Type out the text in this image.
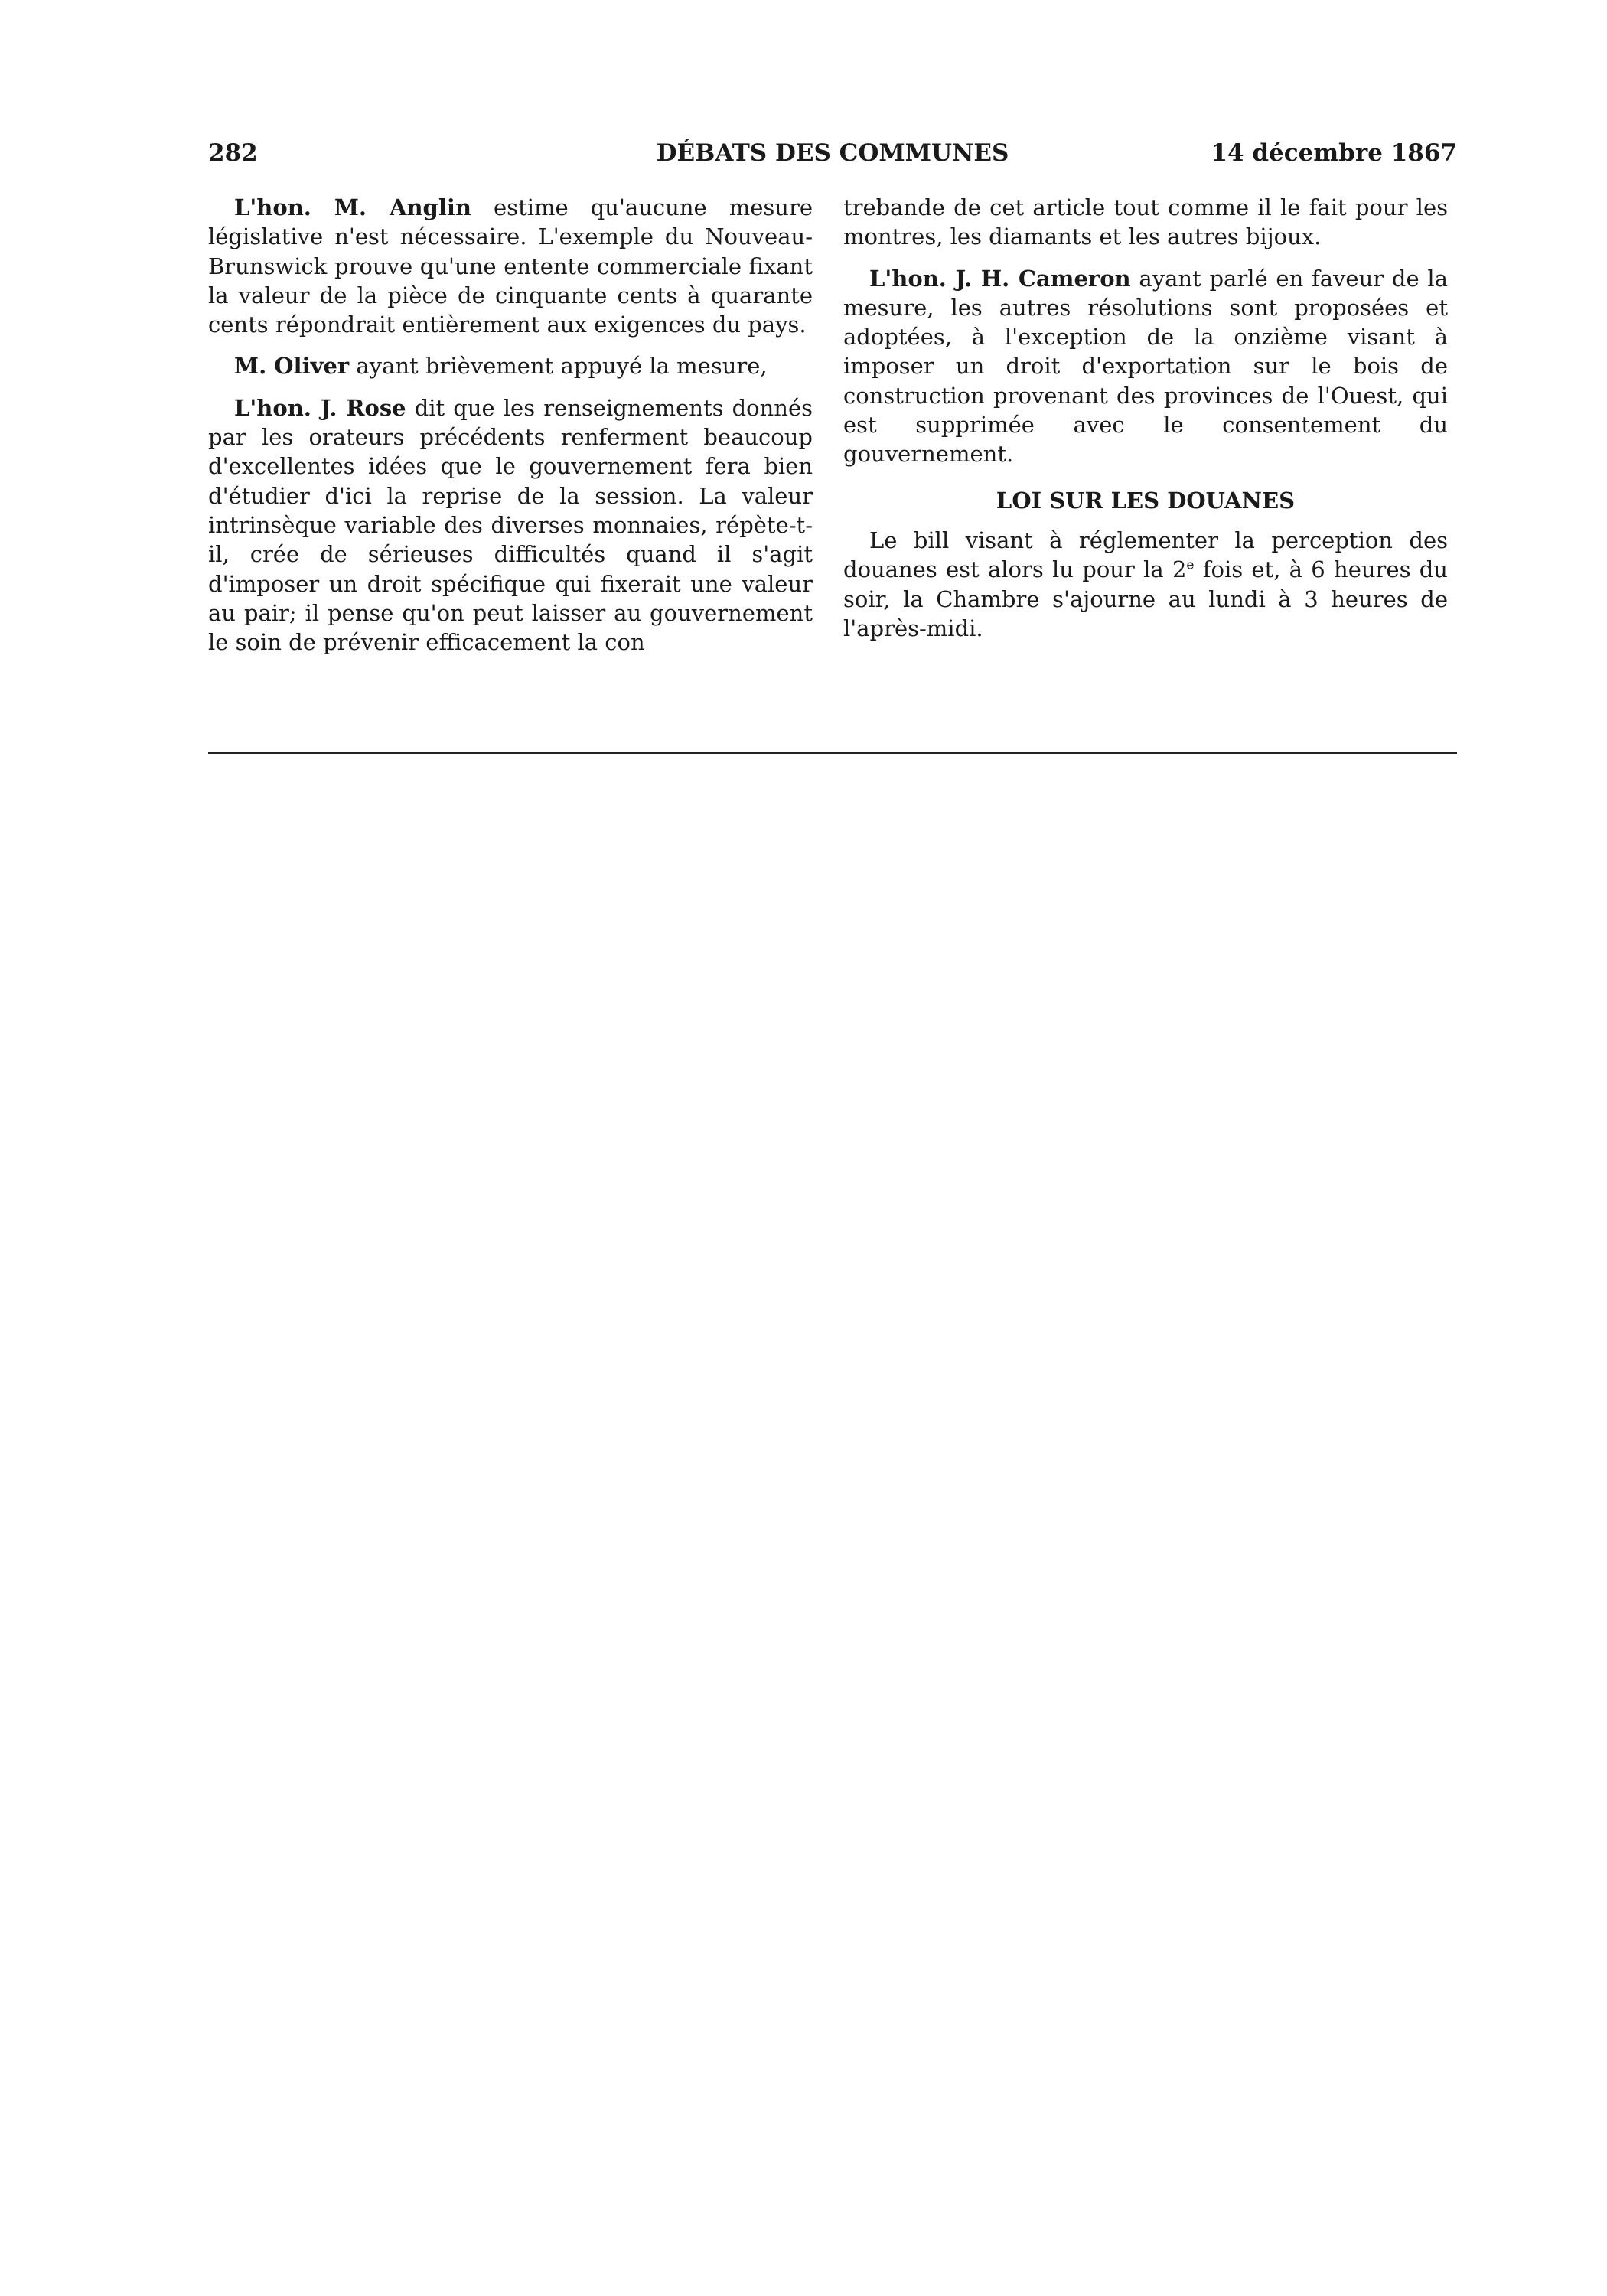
282	DÉBATS DES COMMUNES	14 décembre 1867

L'hon. M. Anglin estime qu'aucune mesure législative n'est nécessaire. L'exemple du Nouveau-Brunswick prouve qu'une entente commerciale fixant la valeur de la pièce de cinquante cents à quarante cents répondrait entièrement aux exigences du pays.

M. Oliver ayant brièvement appuyé la mesure,

L'hon. J. Rose dit que les renseignements donnés par les orateurs précédents renferment beaucoup d'excellentes idées que le gouvernement fera bien d'étudier d'ici la reprise de la session. La valeur intrinsèque variable des diverses monnaies, répète-t-il, crée de sérieuses difficultés quand il s'agit d'imposer un droit spécifique qui fixerait une valeur au pair; il pense qu'on peut laisser au gouvernement le soin de prévenir efficacement la con

trebande de cet article tout comme il le fait pour les montres, les diamants et les autres bijoux.

L'hon. J. H. Cameron ayant parlé en faveur de la mesure, les autres résolutions sont proposées et adoptées, à l'exception de la onzième visant à imposer un droit d'exportation sur le bois de construction provenant des provinces de l'Ouest, qui est supprimée avec le consentement du gouvernement.

LOI SUR LES DOUANES

Le bill visant à réglementer la perception des douanes est alors lu pour la 2e fois et, à 6 heures du soir, la Chambre s'ajourne au lundi à 3 heures de l'après-midi.
